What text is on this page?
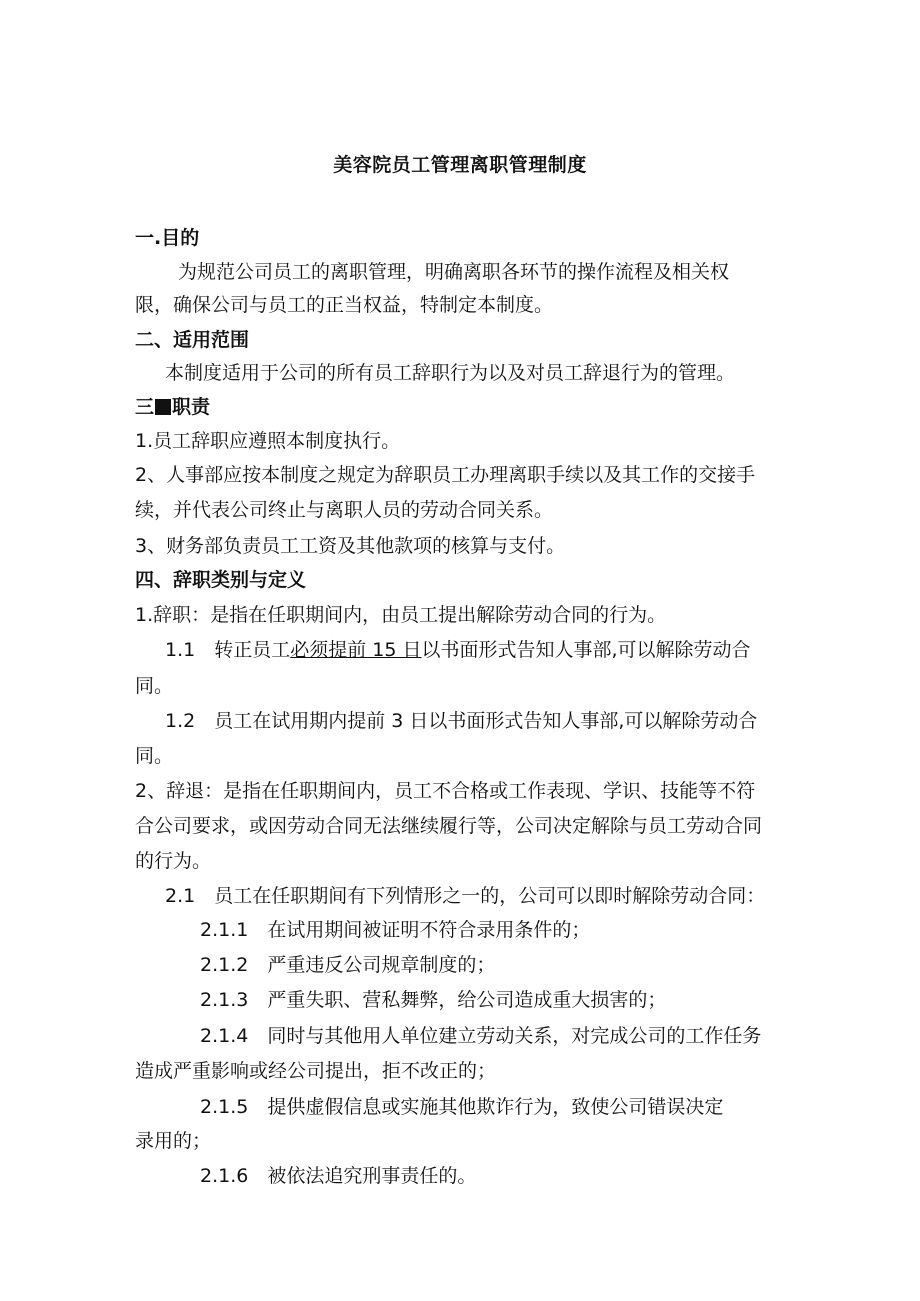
美容院员工管理离职管理制度
一.目的
为规范公司员工的离职管理，明确离职各环节的操作流程及相关权
限，确保公司与员工的正当权益，特制定本制度。
二、适用范围
本制度适用于公司的所有员工辞职行为以及对员工辞退行为的管理。
三 职责
1.员工辞职应遵照本制度执行。
2、人事部应按本制度之规定为辞职员工办理离职手续以及其工作的交接手
续，并代表公司终止与离职人员的劳动合同关系。
3、财务部负责员工工资及其他款项的核算与支付。
四、辞职类别与定义
1.辞职：是指在任职期间内，由员工提出解除劳动合同的行为。
1.1　转正员工必须提前 15 日以书面形式告知人事部,可以解除劳动合
同。
1.2　员工在试用期内提前 3 日以书面形式告知人事部,可以解除劳动合
同。
2、辞退：是指在任职期间内，员工不合格或工作表现、学识、技能等不符
合公司要求，或因劳动合同无法继续履行等，公司决定解除与员工劳动合同
的行为。
2.1　员工在任职期间有下列情形之一的，公司可以即时解除劳动合同：
2.1.1　在试用期间被证明不符合录用条件的；
2.1.2　严重违反公司规章制度的；
2.1.3　严重失职、营私舞弊，给公司造成重大损害的；
2.1.4　同时与其他用人单位建立劳动关系，对完成公司的工作任务
造成严重影响或经公司提出，拒不改正的；
2.1.5　提供虚假信息或实施其他欺诈行为，致使公司错误决定
录用的；
2.1.6　被依法追究刑事责任的。
